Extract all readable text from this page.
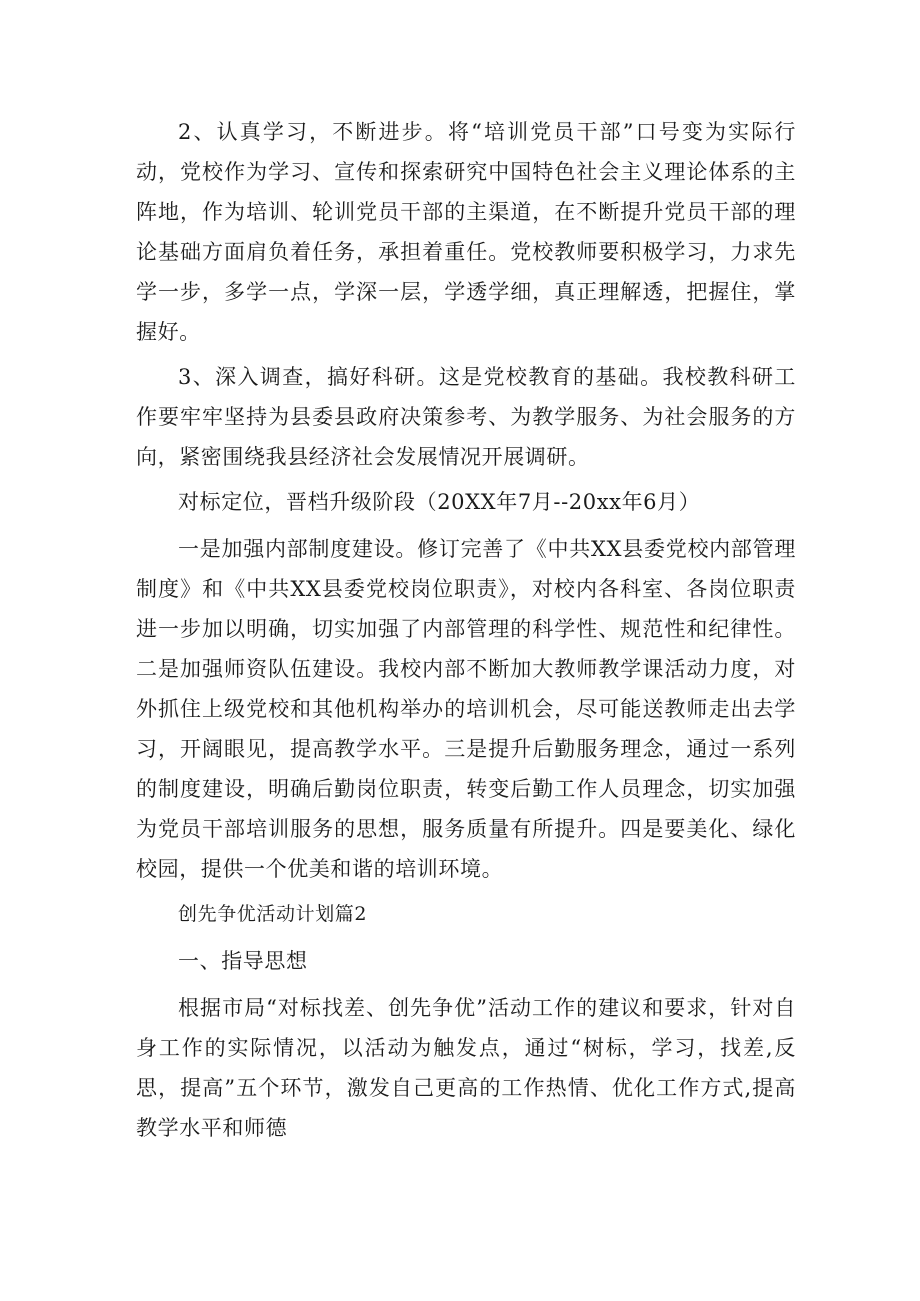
2、认真学习，不断进步。将“培训党员干部”口号变为实际行动，党校作为学习、宣传和探索研究中国特色社会主义理论体系的主阵地，作为培训、轮训党员干部的主渠道，在不断提升党员干部的理论基础方面肩负着任务，承担着重任。党校教师要积极学习，力求先学一步，多学一点，学深一层，学透学细，真正理解透，把握住，掌握好。

3、深入调查，搞好科研。这是党校教育的基础。我校教科研工作要牢牢坚持为县委县政府决策参考、为教学服务、为社会服务的方向，紧密围绕我县经济社会发展情况开展调研。

对标定位，晋档升级阶段（20XX年7月--20xx年6月）

一是加强内部制度建设。修订完善了《中共XX县委党校内部管理制度》和《中共XX县委党校岗位职责》，对校内各科室、各岗位职责进一步加以明确，切实加强了内部管理的科学性、规范性和纪律性。二是加强师资队伍建设。我校内部不断加大教师教学课活动力度，对外抓住上级党校和其他机构举办的培训机会，尽可能送教师走出去学习，开阔眼见，提高教学水平。三是提升后勤服务理念，通过一系列的制度建设，明确后勤岗位职责，转变后勤工作人员理念，切实加强为党员干部培训服务的思想，服务质量有所提升。四是要美化、绿化校园，提供一个优美和谐的培训环境。

创先争优活动计划篇2

一、指导思想

根据市局“对标找差、创先争优”活动工作的建议和要求，针对自身工作的实际情况，以活动为触发点，通过“树标，学习，找差,反思，提高”五个环节，激发自己更高的工作热情、优化工作方式,提高教学水平和师德
